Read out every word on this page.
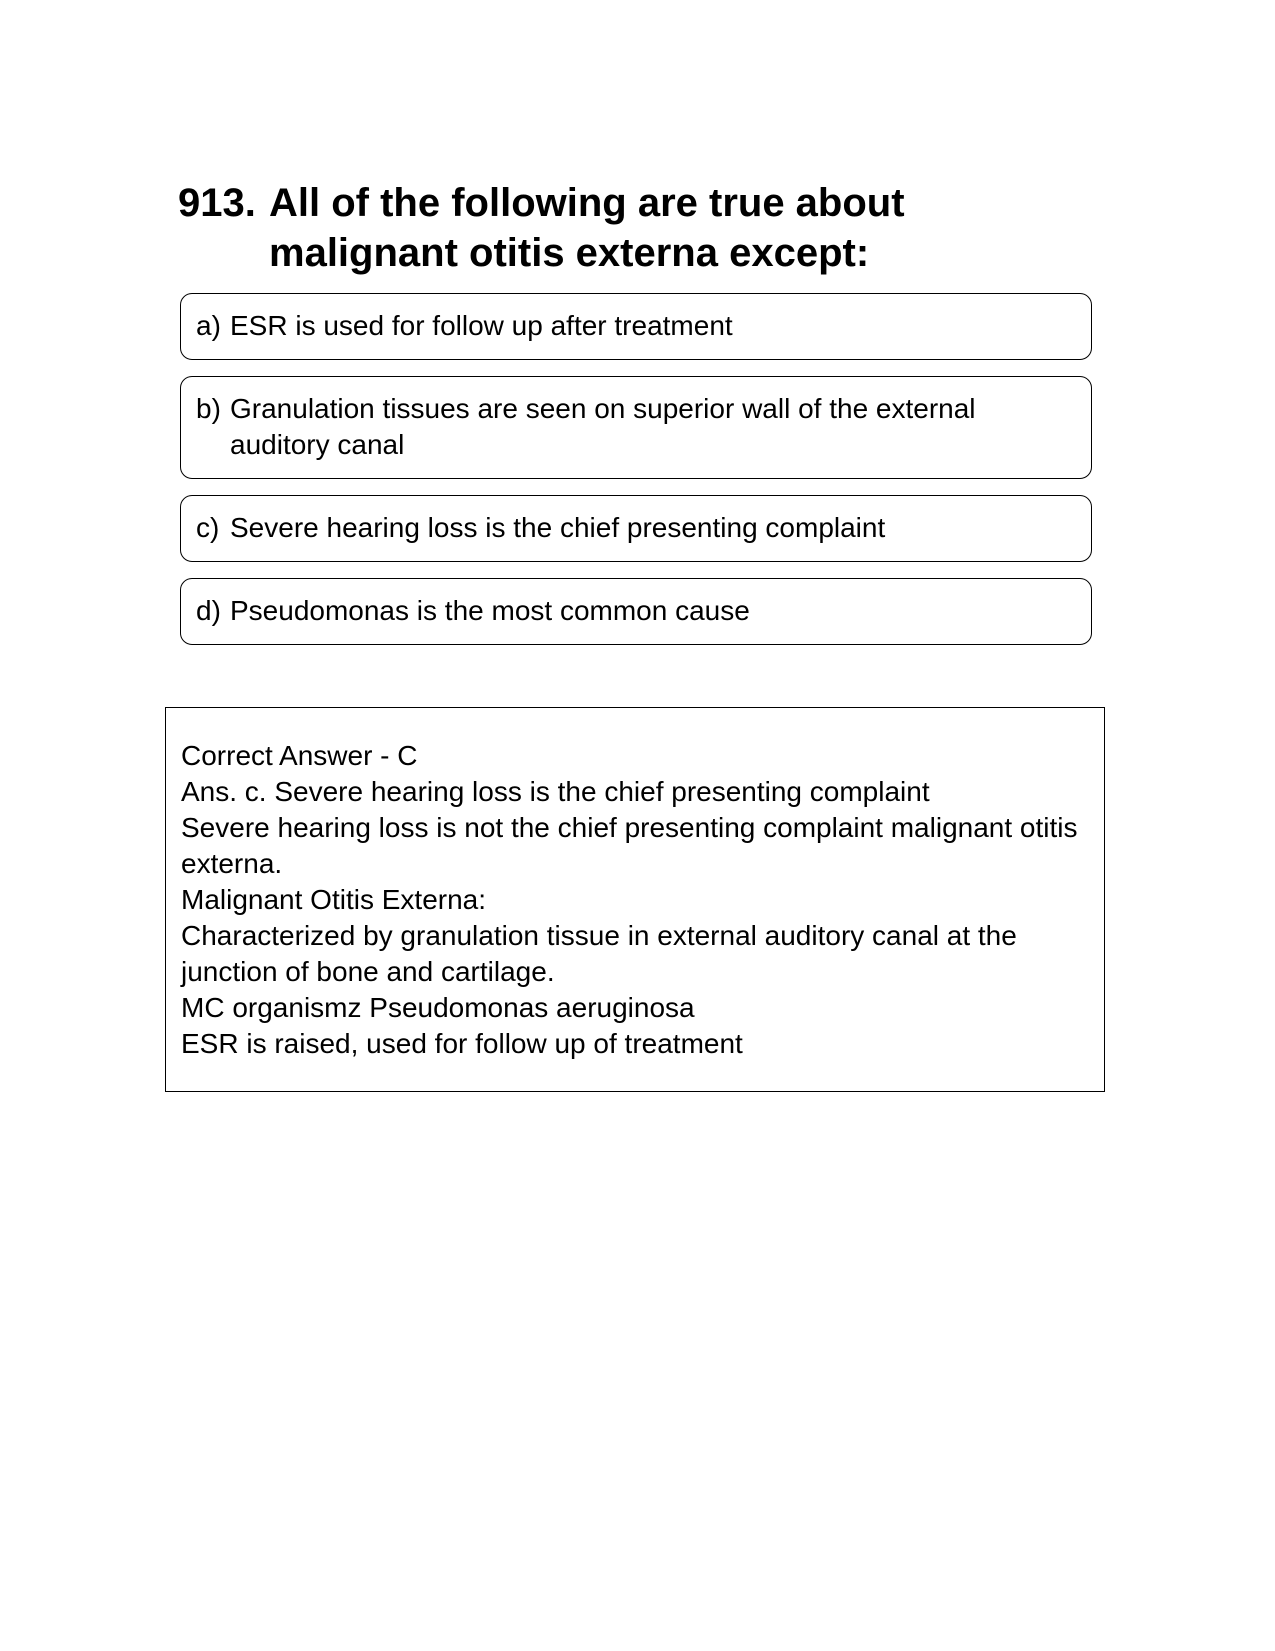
913. All of the following are true about malignant otitis externa except:
a) ESR is used for follow up after treatment
b) Granulation tissues are seen on superior wall of the external auditory canal
c) Severe hearing loss is the chief presenting complaint
d) Pseudomonas is the most common cause
Correct Answer - C
Ans. c. Severe hearing loss is the chief presenting complaint
Severe hearing loss is not the chief presenting complaint malignant otitis externa.
Malignant Otitis Externa:
Characterized by granulation tissue in external auditory canal at the junction of bone and cartilage.
MC organismz Pseudomonas aeruginosa
ESR is raised, used for follow up of treatment
